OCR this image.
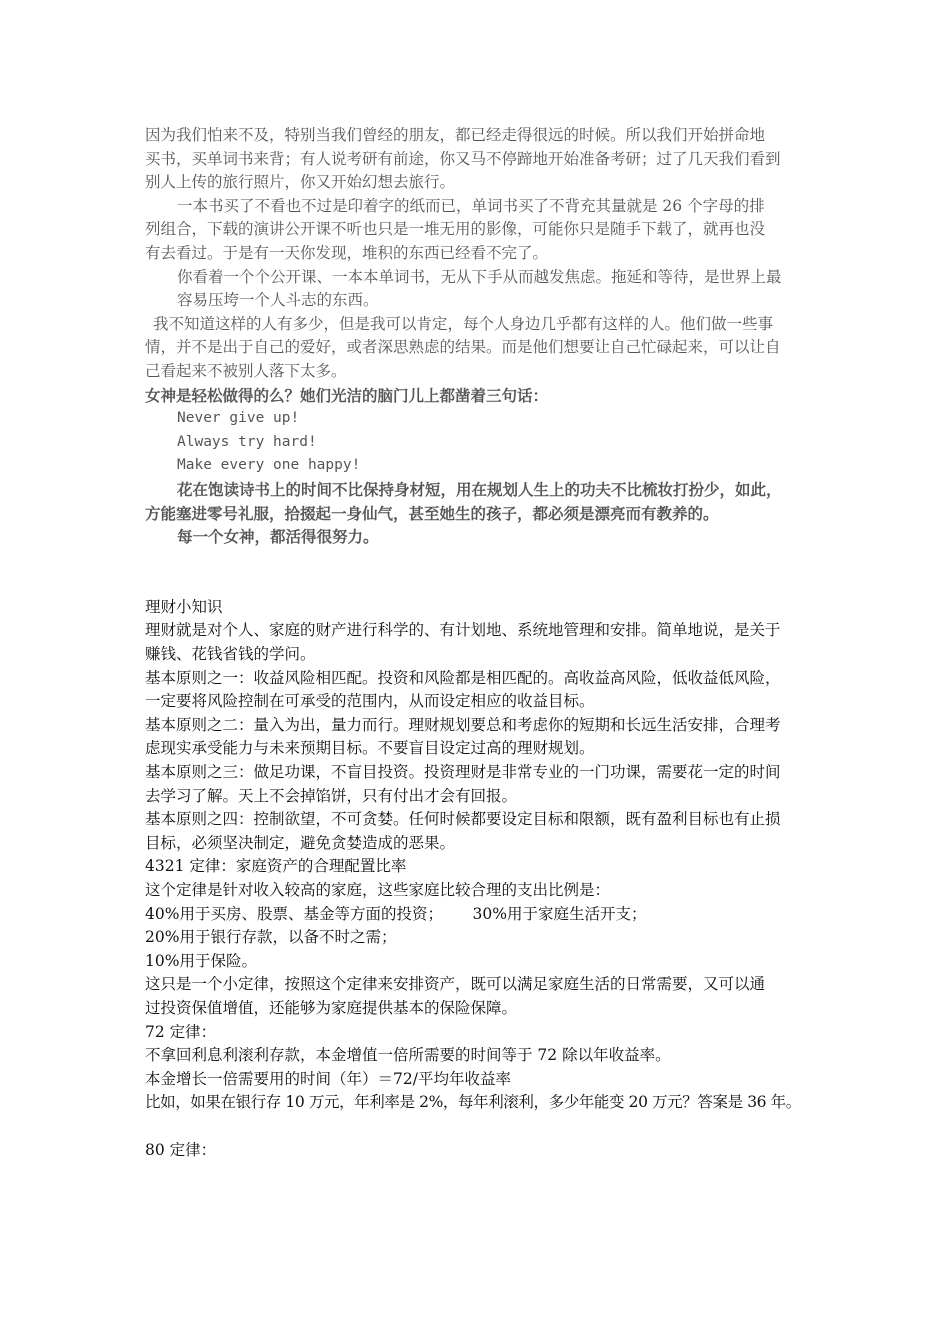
因为我们怕来不及，特别当我们曾经的朋友，都已经走得很远的时候。所以我们开始拼命地
买书，买单词书来背；有人说考研有前途，你又马不停蹄地开始准备考研；过了几天我们看到
别人上传的旅行照片，你又开始幻想去旅行。
一本书买了不看也不过是印着字的纸而已，单词书买了不背充其量就是 26 个字母的排
列组合，下载的演讲公开课不听也只是一堆无用的影像，可能你只是随手下载了，就再也没
有去看过。于是有一天你发现，堆积的东西已经看不完了。
你看着一个个公开课、一本本单词书，无从下手从而越发焦虑。拖延和等待，是世界上最
容易压垮一个人斗志的东西。
我不知道这样的人有多少，但是我可以肯定，每个人身边几乎都有这样的人。他们做一些事
情，并不是出于自己的爱好，或者深思熟虑的结果。而是他们想要让自己忙碌起来，可以让自
己看起来不被别人落下太多。
女神是轻松做得的么？她们光洁的脑门儿上都凿着三句话：
Never give up!
Always try hard!
Make every one happy!
花在饱读诗书上的时间不比保持身材短，用在规划人生上的功夫不比梳妆打扮少，如此，
方能塞进零号礼服，拾掇起一身仙气，甚至她生的孩子，都必须是漂亮而有教养的。
每一个女神，都活得很努力。
理财小知识
理财就是对个人、家庭的财产进行科学的、有计划地、系统地管理和安排。简单地说，是关于
赚钱、花钱省钱的学问。
基本原则之一：收益风险相匹配。投资和风险都是相匹配的。高收益高风险，低收益低风险，
一定要将风险控制在可承受的范围内，从而设定相应的收益目标。
基本原则之二：量入为出，量力而行。理财规划要总和考虑你的短期和长远生活安排，合理考
虑现实承受能力与未来预期目标。不要盲目设定过高的理财规划。
基本原则之三：做足功课，不盲目投资。投资理财是非常专业的一门功课，需要花一定的时间
去学习了解。天上不会掉馅饼，只有付出才会有回报。
基本原则之四：控制欲望，不可贪婪。任何时候都要设定目标和限额，既有盈利目标也有止损
目标，必须坚决制定，避免贪婪造成的恶果。
4321 定律：家庭资产的合理配置比率
这个定律是针对收入较高的家庭，这些家庭比较合理的支出比例是：
40%用于买房、股票、基金等方面的投资；      30%用于家庭生活开支；
20%用于银行存款，以备不时之需；
10%用于保险。
这只是一个小定律，按照这个定律来安排资产，既可以满足家庭生活的日常需要，又可以通
过投资保值增值，还能够为家庭提供基本的保险保障。
72 定律：
不拿回利息利滚利存款，本金增值一倍所需要的时间等于 72 除以年收益率。
本金增长一倍需要用的时间（年）＝72/平均年收益率
比如，如果在银行存 10 万元，年利率是 2%，每年利滚利，多少年能变 20 万元？答案是 36 年。
80 定律：
